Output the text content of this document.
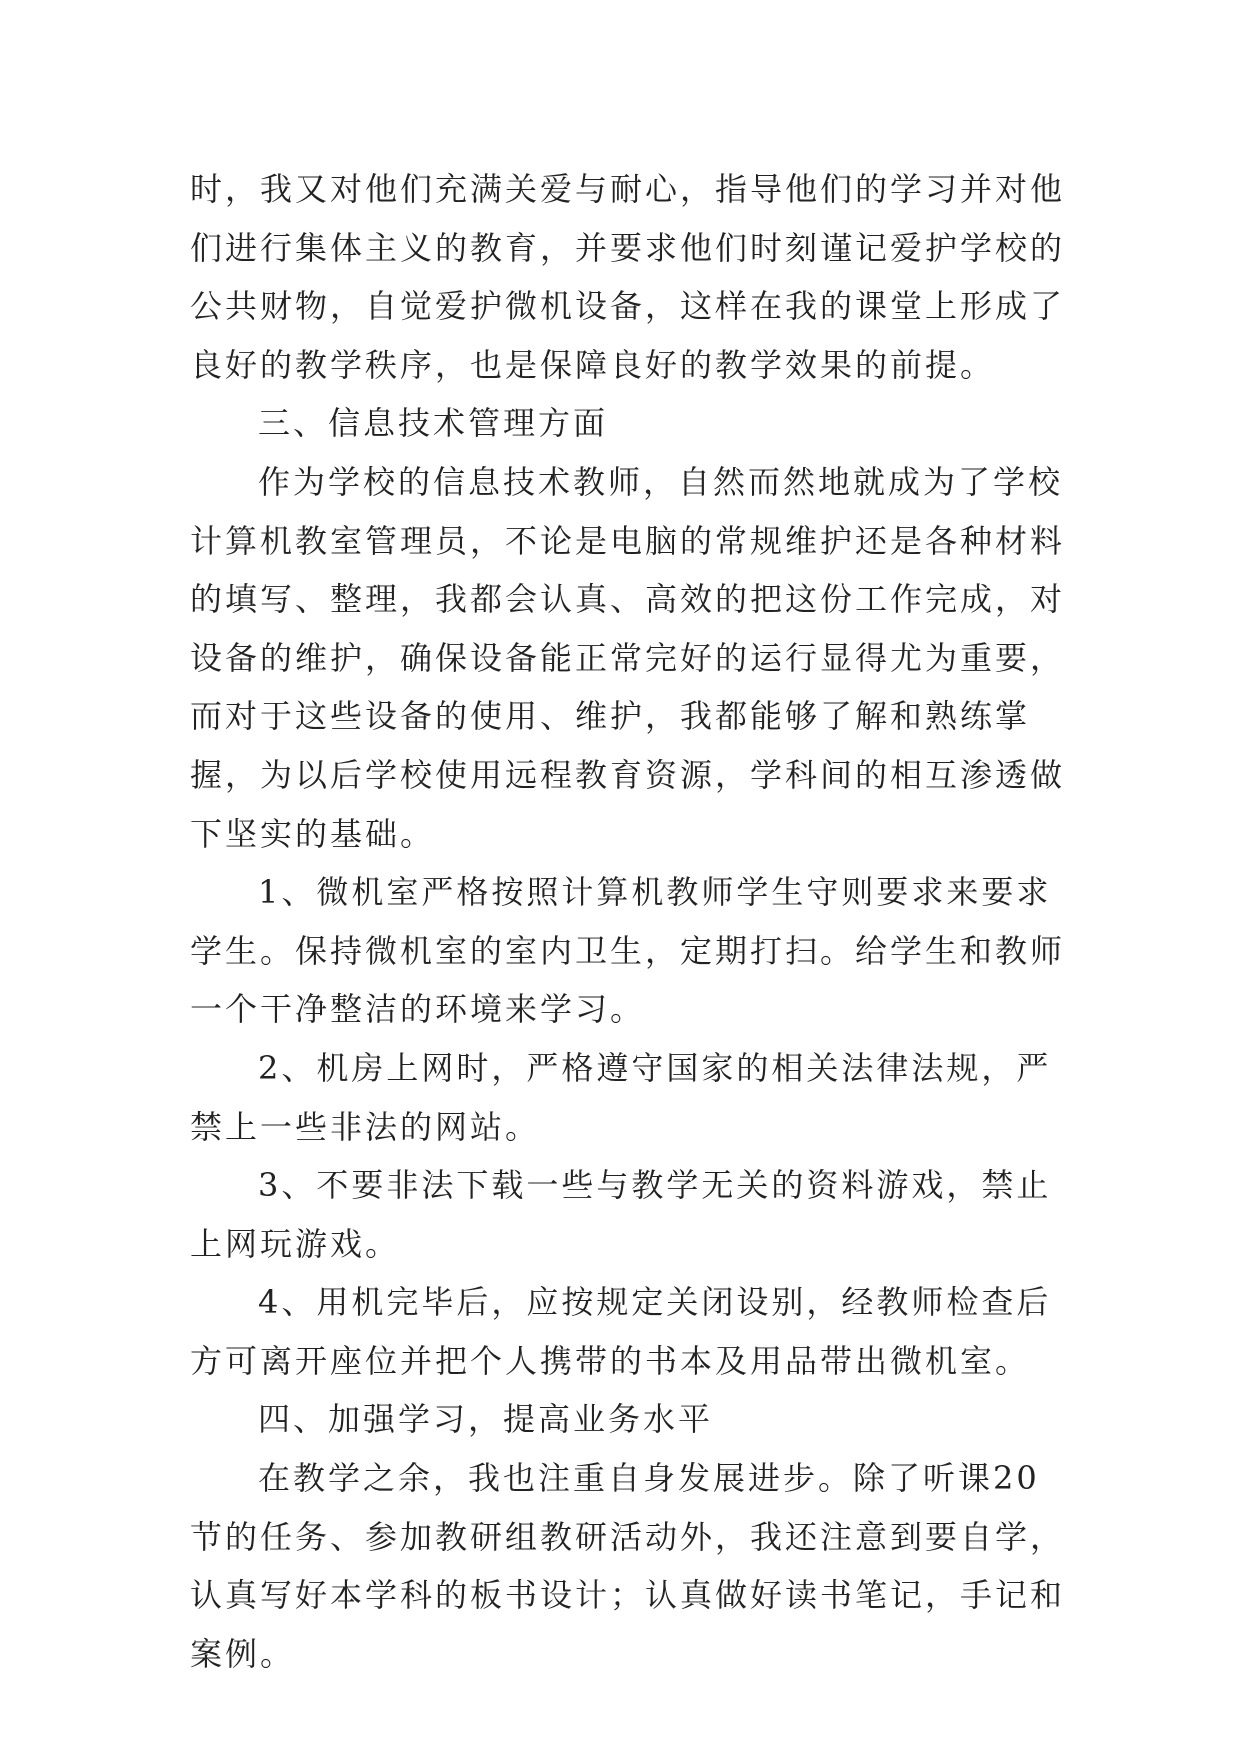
时，我又对他们充满关爱与耐心，指导他们的学习并对他们进行集体主义的教育，并要求他们时刻谨记爱护学校的公共财物，自觉爱护微机设备，这样在我的课堂上形成了良好的教学秩序，也是保障良好的教学效果的前提。

三、信息技术管理方面

作为学校的信息技术教师，自然而然地就成为了学校计算机教室管理员，不论是电脑的常规维护还是各种材料的填写、整理，我都会认真、高效的把这份工作完成，对设备的维护，确保设备能正常完好的运行显得尤为重要，而对于这些设备的使用、维护，我都能够了解和熟练掌握，为以后学校使用远程教育资源，学科间的相互渗透做下坚实的基础。

1、微机室严格按照计算机教师学生守则要求来要求学生。保持微机室的室内卫生，定期打扫。给学生和教师一个干净整洁的环境来学习。

2、机房上网时，严格遵守国家的相关法律法规，严禁上一些非法的网站。

3、不要非法下载一些与教学无关的资料游戏，禁止上网玩游戏。

4、用机完毕后，应按规定关闭设别，经教师检查后方可离开座位并把个人携带的书本及用品带出微机室。

四、加强学习，提高业务水平

在教学之余，我也注重自身发展进步。除了听课20节的任务、参加教研组教研活动外，我还注意到要自学，认真写好本学科的板书设计；认真做好读书笔记，手记和案例。
